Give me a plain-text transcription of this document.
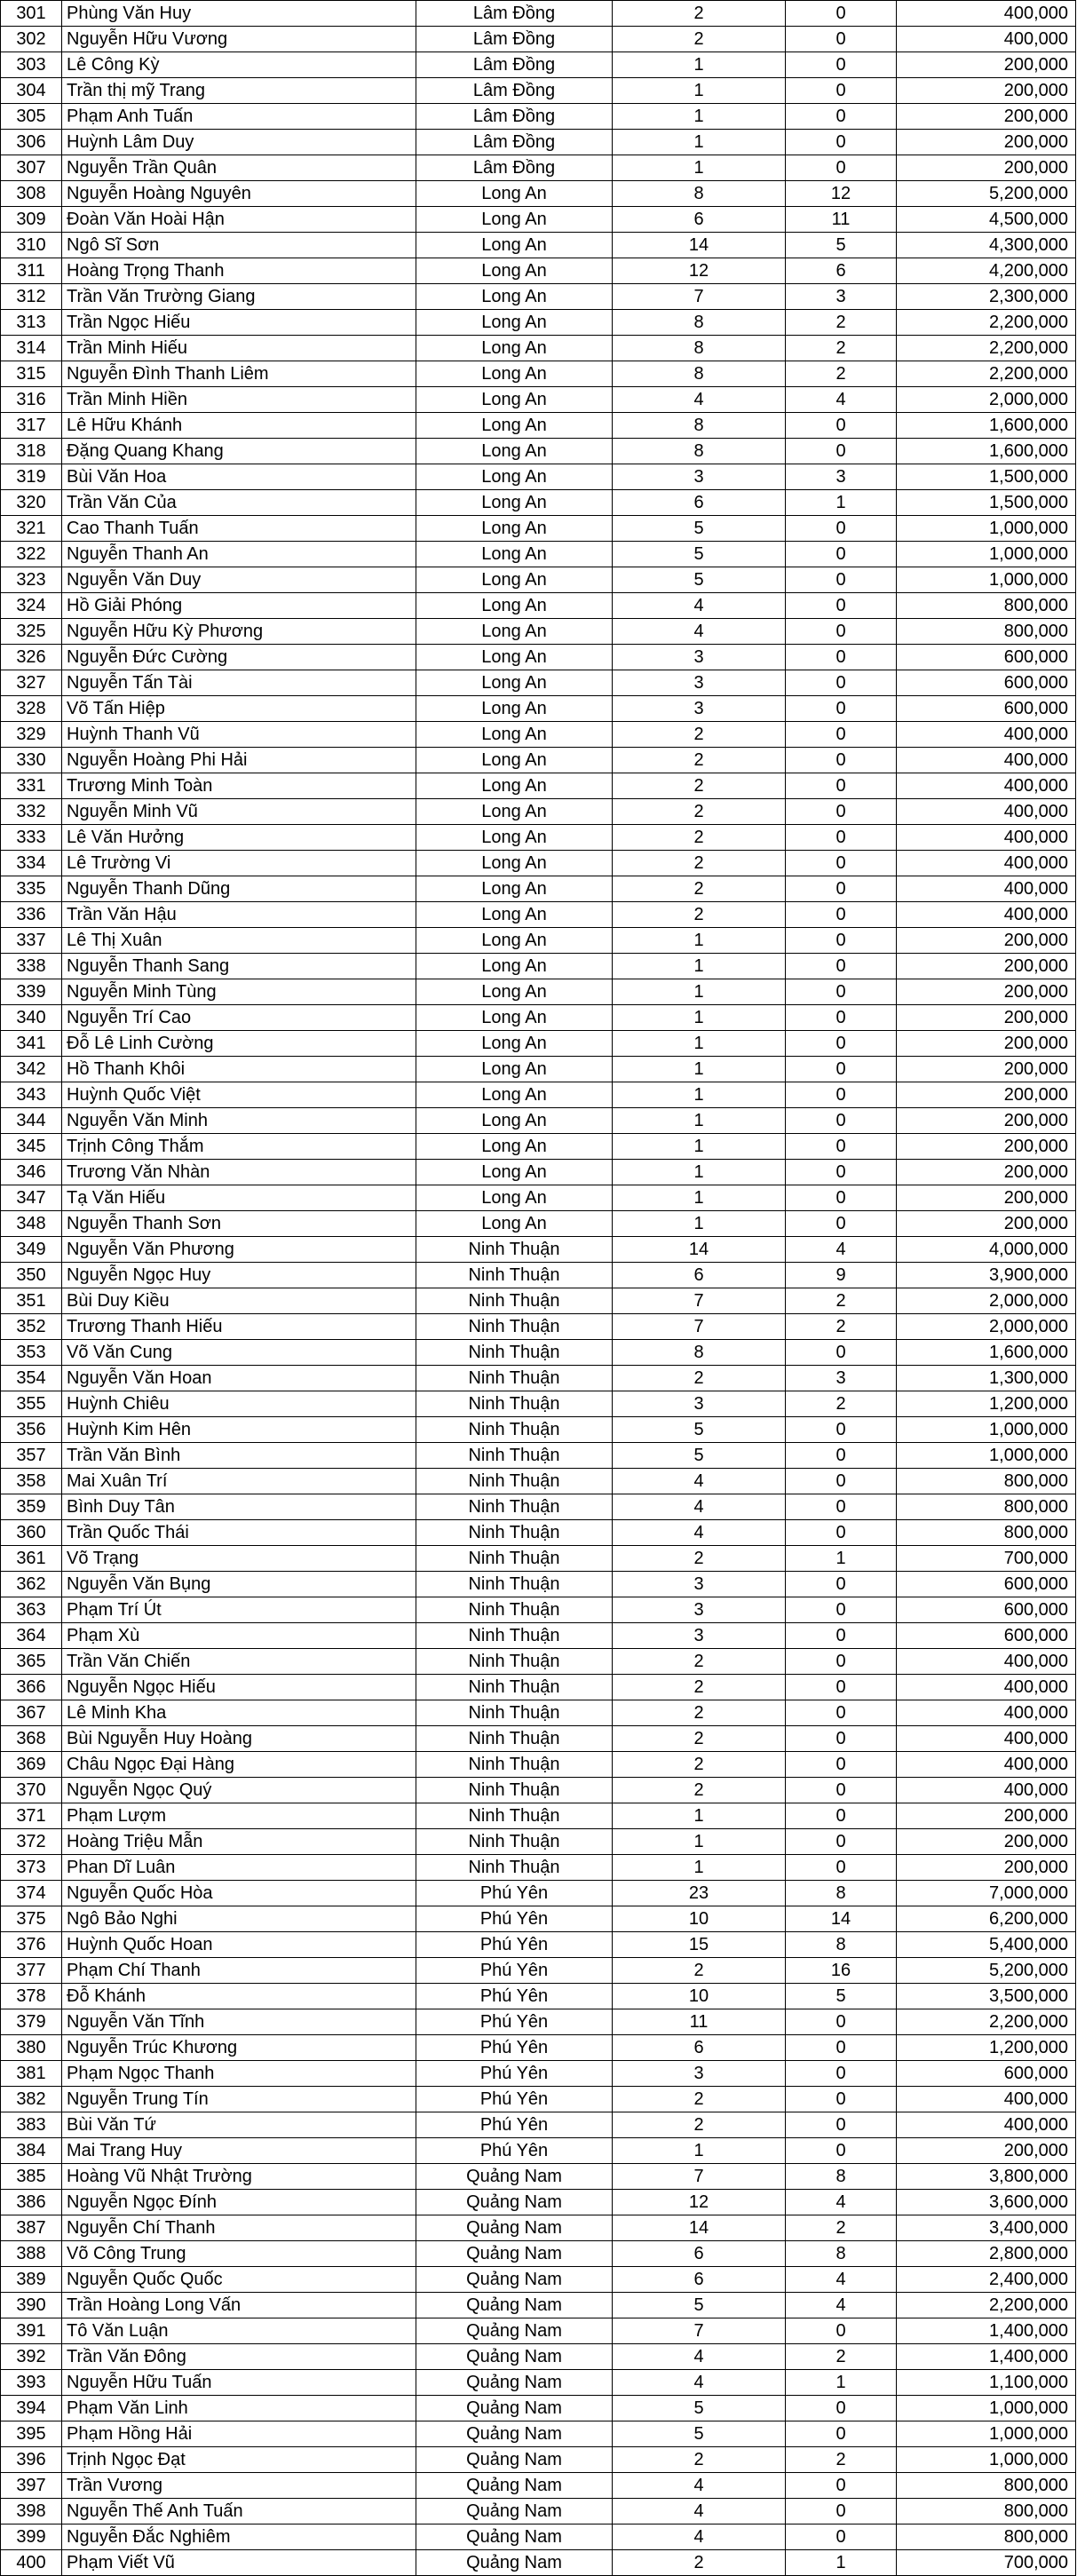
301	Phùng Văn Huy	Lâm Đồng	2	0	400,000
302	Nguyễn Hữu Vương	Lâm Đồng	2	0	400,000
303	Lê Công Kỳ	Lâm Đồng	1	0	200,000
304	Trần thị mỹ Trang	Lâm Đồng	1	0	200,000
305	Phạm Anh Tuấn	Lâm Đồng	1	0	200,000
306	Huỳnh Lâm Duy	Lâm Đồng	1	0	200,000
307	Nguyễn Trần Quân	Lâm Đồng	1	0	200,000
308	Nguyễn Hoàng Nguyên	Long An	8	12	5,200,000
309	Đoàn Văn Hoài Hận	Long An	6	11	4,500,000
310	Ngô Sĩ Sơn	Long An	14	5	4,300,000
311	Hoàng Trọng Thanh	Long An	12	6	4,200,000
312	Trần Văn Trường Giang	Long An	7	3	2,300,000
313	Trần Ngọc Hiếu	Long An	8	2	2,200,000
314	Trần Minh Hiếu	Long An	8	2	2,200,000
315	Nguyễn Đình Thanh Liêm	Long An	8	2	2,200,000
316	Trần Minh Hiền	Long An	4	4	2,000,000
317	Lê Hữu Khánh	Long An	8	0	1,600,000
318	Đặng Quang Khang	Long An	8	0	1,600,000
319	Bùi Văn Hoa	Long An	3	3	1,500,000
320	Trần Văn Của	Long An	6	1	1,500,000
321	Cao Thanh Tuấn	Long An	5	0	1,000,000
322	Nguyễn Thanh An	Long An	5	0	1,000,000
323	Nguyễn Văn Duy	Long An	5	0	1,000,000
324	Hồ Giải Phóng	Long An	4	0	800,000
325	Nguyễn Hữu Kỳ Phương	Long An	4	0	800,000
326	Nguyễn Đức Cường	Long An	3	0	600,000
327	Nguyễn Tấn Tài	Long An	3	0	600,000
328	Võ Tấn Hiệp	Long An	3	0	600,000
329	Huỳnh Thanh Vũ	Long An	2	0	400,000
330	Nguyễn Hoàng Phi Hải	Long An	2	0	400,000
331	Trương Minh Toàn	Long An	2	0	400,000
332	Nguyễn Minh Vũ	Long An	2	0	400,000
333	Lê Văn Hưởng	Long An	2	0	400,000
334	Lê Trường Vi	Long An	2	0	400,000
335	Nguyễn Thanh Dũng	Long An	2	0	400,000
336	Trần Văn Hậu	Long An	2	0	400,000
337	Lê Thị Xuân	Long An	1	0	200,000
338	Nguyễn Thanh Sang	Long An	1	0	200,000
339	Nguyễn Minh Tùng	Long An	1	0	200,000
340	Nguyễn Trí Cao	Long An	1	0	200,000
341	Đỗ Lê Linh Cường	Long An	1	0	200,000
342	Hồ Thanh Khôi	Long An	1	0	200,000
343	Huỳnh Quốc Việt	Long An	1	0	200,000
344	Nguyễn Văn Minh	Long An	1	0	200,000
345	Trịnh Công Thắm	Long An	1	0	200,000
346	Trương Văn Nhàn	Long An	1	0	200,000
347	Tạ Văn Hiếu	Long An	1	0	200,000
348	Nguyễn Thanh Sơn	Long An	1	0	200,000
349	Nguyễn Văn Phương	Ninh Thuận	14	4	4,000,000
350	Nguyễn Ngọc Huy	Ninh Thuận	6	9	3,900,000
351	Bùi Duy Kiều	Ninh Thuận	7	2	2,000,000
352	Trương Thanh Hiếu	Ninh Thuận	7	2	2,000,000
353	Võ Văn Cung	Ninh Thuận	8	0	1,600,000
354	Nguyễn Văn Hoan	Ninh Thuận	2	3	1,300,000
355	Huỳnh Chiêu	Ninh Thuận	3	2	1,200,000
356	Huỳnh Kim Hên	Ninh Thuận	5	0	1,000,000
357	Trần Văn Bình	Ninh Thuận	5	0	1,000,000
358	Mai Xuân Trí	Ninh Thuận	4	0	800,000
359	Bình Duy Tân	Ninh Thuận	4	0	800,000
360	Trần Quốc Thái	Ninh Thuận	4	0	800,000
361	Võ Trạng	Ninh Thuận	2	1	700,000
362	Nguyễn Văn Bụng	Ninh Thuận	3	0	600,000
363	Phạm Trí Út	Ninh Thuận	3	0	600,000
364	Phạm Xù	Ninh Thuận	3	0	600,000
365	Trần Văn Chiến	Ninh Thuận	2	0	400,000
366	Nguyễn Ngọc Hiếu	Ninh Thuận	2	0	400,000
367	Lê Minh Kha	Ninh Thuận	2	0	400,000
368	Bùi Nguyễn Huy Hoàng	Ninh Thuận	2	0	400,000
369	Châu Ngọc Đại Hàng	Ninh Thuận	2	0	400,000
370	Nguyễn Ngọc Quý	Ninh Thuận	2	0	400,000
371	Phạm Lượm	Ninh Thuận	1	0	200,000
372	Hoàng Triệu Mẫn	Ninh Thuận	1	0	200,000
373	Phan Dĩ Luân	Ninh Thuận	1	0	200,000
374	Nguyễn Quốc Hòa	Phú Yên	23	8	7,000,000
375	Ngô Bảo Nghi	Phú Yên	10	14	6,200,000
376	Huỳnh Quốc Hoan	Phú Yên	15	8	5,400,000
377	Phạm Chí Thanh	Phú Yên	2	16	5,200,000
378	Đỗ Khánh	Phú Yên	10	5	3,500,000
379	Nguyễn Văn Tĩnh	Phú Yên	11	0	2,200,000
380	Nguyễn Trúc Khương	Phú Yên	6	0	1,200,000
381	Phạm Ngọc Thanh	Phú Yên	3	0	600,000
382	Nguyễn Trung Tín	Phú Yên	2	0	400,000
383	Bùi Văn Tứ	Phú Yên	2	0	400,000
384	Mai Trang Huy	Phú Yên	1	0	200,000
385	Hoàng Vũ Nhật Trường	Quảng Nam	7	8	3,800,000
386	Nguyễn Ngọc Đính	Quảng Nam	12	4	3,600,000
387	Nguyễn Chí Thanh	Quảng Nam	14	2	3,400,000
388	Võ Công Trung	Quảng Nam	6	8	2,800,000
389	Nguyễn Quốc Quốc	Quảng Nam	6	4	2,400,000
390	Trần Hoàng Long Vấn	Quảng Nam	5	4	2,200,000
391	Tô Văn Luận	Quảng Nam	7	0	1,400,000
392	Trần Văn Đông	Quảng Nam	4	2	1,400,000
393	Nguyễn Hữu Tuấn	Quảng Nam	4	1	1,100,000
394	Phạm Văn Linh	Quảng Nam	5	0	1,000,000
395	Phạm Hồng Hải	Quảng Nam	5	0	1,000,000
396	Trịnh Ngọc Đạt	Quảng Nam	2	2	1,000,000
397	Trần Vương	Quảng Nam	4	0	800,000
398	Nguyễn Thế Anh Tuấn	Quảng Nam	4	0	800,000
399	Nguyễn Đắc Nghiêm	Quảng Nam	4	0	800,000
400	Phạm Viết Vũ	Quảng Nam	2	1	700,000
